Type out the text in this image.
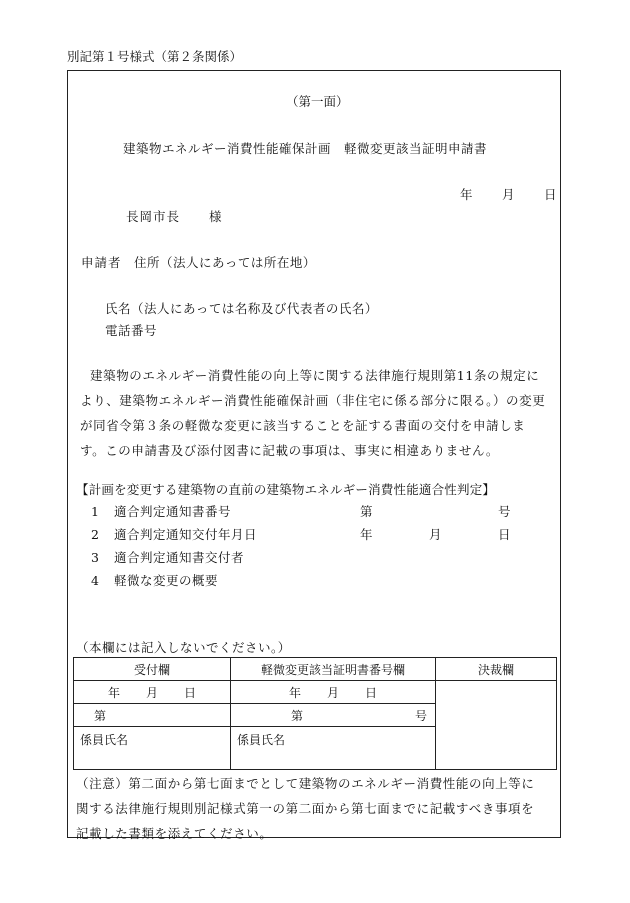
別記第１号様式（第２条関係）
（第一面）
建築物エネルギー消費性能確保計画　軽微変更該当証明申請書
年 月 日
長岡市長 様
申請者 住所（法人にあっては所在地）
氏名（法人にあっては名称及び代表者の氏名）
電話番号
建築物のエネルギー消費性能の向上等に関する法律施行規則第11条の規定に
より、建築物エネルギー消費性能確保計画（非住宅に係る部分に限る。）の変更
が同省令第３条の軽微な変更に該当することを証する書面の交付を申請しま
す。この申請書及び添付図書に記載の事項は、事実に相違ありません。
【計画を変更する建築物の直前の建築物エネルギー消費性能適合性判定】
1 適合判定通知書番号	第	号
2 適合判定通知交付年月日	年	月	日
3 適合判定通知書交付者
4 軽微な変更の概要
（本欄には記入しないでください。）
受付欄	軽微変更該当証明書番号欄	決裁欄
年 月 日	年 月 日	
第	第 号	

係員氏名	係員氏名	
（注意）第二面から第七面までとして建築物のエネルギー消費性能の向上等に
関する法律施行規則別記様式第一の第二面から第七面までに記載すべき事項を
記載した書類を添えてください。
